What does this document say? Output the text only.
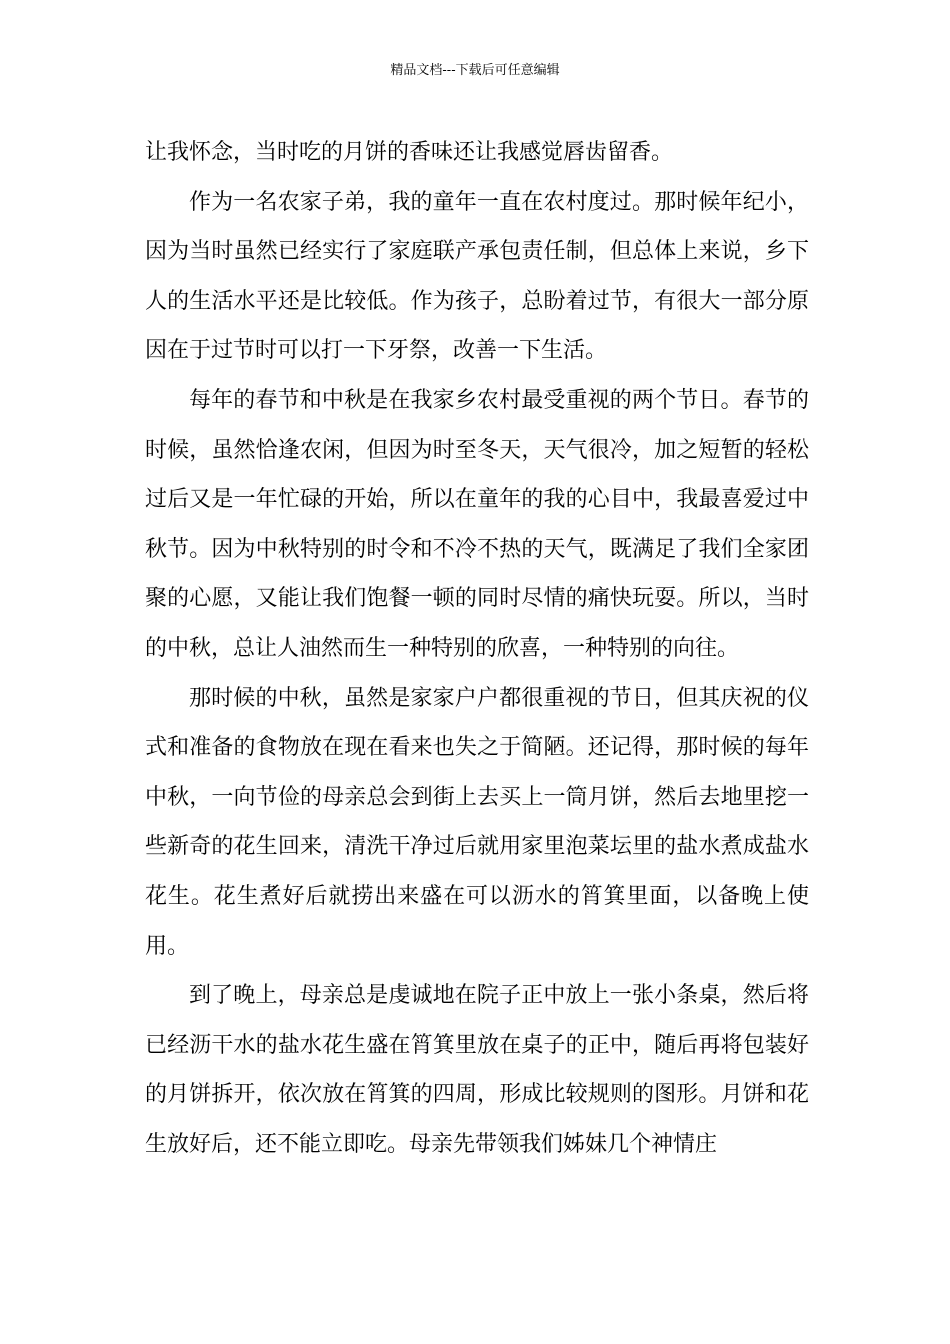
精品文档---下载后可任意编辑

让我怀念，当时吃的月饼的香味还让我感觉唇齿留香。

作为一名农家子弟，我的童年一直在农村度过。那时候年纪小，因为当时虽然已经实行了家庭联产承包责任制，但总体上来说，乡下人的生活水平还是比较低。作为孩子，总盼着过节，有很大一部分原因在于过节时可以打一下牙祭，改善一下生活。

每年的春节和中秋是在我家乡农村最受重视的两个节日。春节的时候，虽然恰逢农闲，但因为时至冬天，天气很冷，加之短暂的轻松过后又是一年忙碌的开始，所以在童年的我的心目中，我最喜爱过中秋节。因为中秋特别的时令和不冷不热的天气，既满足了我们全家团聚的心愿，又能让我们饱餐一顿的同时尽情的痛快玩耍。所以，当时的中秋，总让人油然而生一种特别的欣喜，一种特别的向往。

那时候的中秋，虽然是家家户户都很重视的节日，但其庆祝的仪式和准备的食物放在现在看来也失之于简陋。还记得，那时候的每年中秋，一向节俭的母亲总会到街上去买上一筒月饼，然后去地里挖一些新奇的花生回来，清洗干净过后就用家里泡菜坛里的盐水煮成盐水花生。花生煮好后就捞出来盛在可以沥水的筲箕里面，以备晚上使用。

到了晚上，母亲总是虔诚地在院子正中放上一张小条桌，然后将已经沥干水的盐水花生盛在筲箕里放在桌子的正中，随后再将包装好的月饼拆开，依次放在筲箕的四周，形成比较规则的图形。月饼和花生放好后，还不能立即吃。母亲先带领我们姊妹几个神情庄
